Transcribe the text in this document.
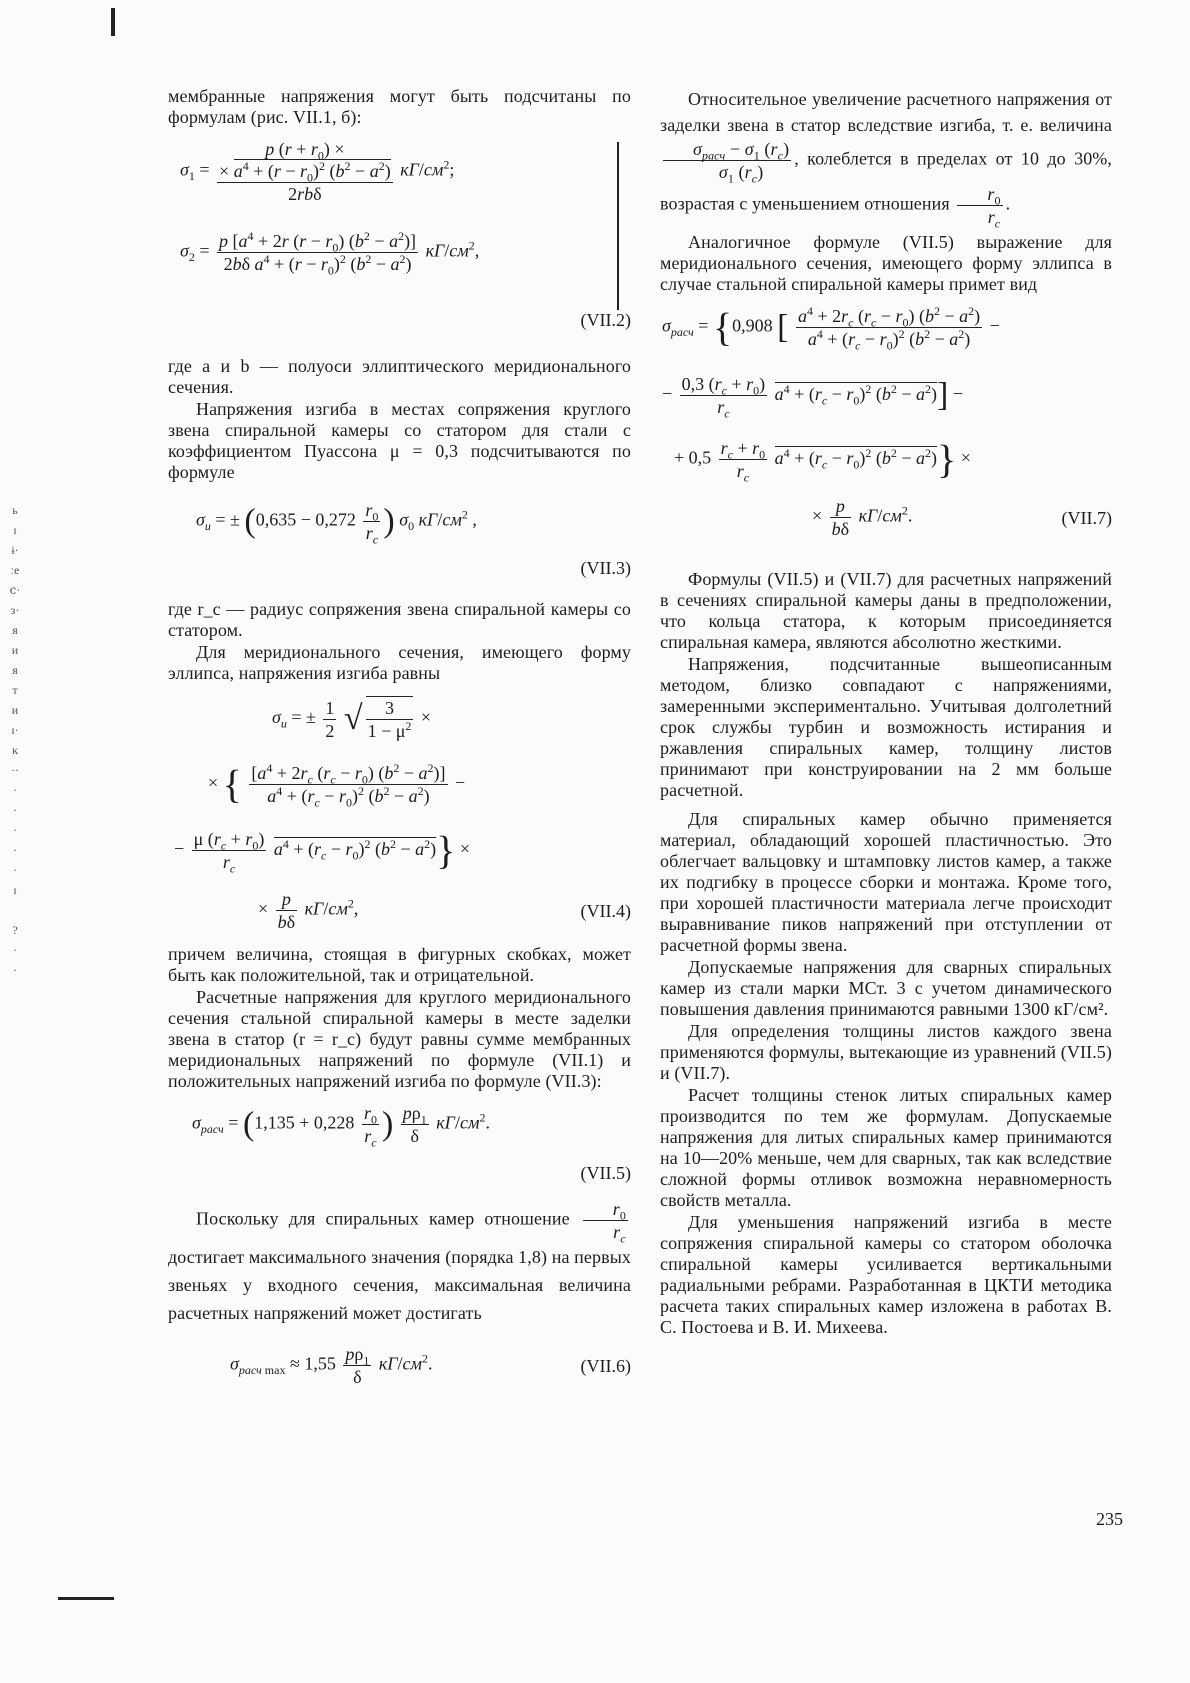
ь
ɪ
ɨ·
ːe
ⅽ·
з·
я
и
я
т
и
ɪ·
к
··
·
·
·
·
·
ɪ

?
·
·

мембранные напряжения могут быть подсчитаны по формулам (рис. VII.1, б):

$\sigma_1$ =
p $(r + r_0)$ ×
× $a^4 + (r - r_0)^2$ $(b^2 - a^2)$
2rbδ
$кГ/см^2$;
$\sigma_2 = \frac{p [a^4 + 2r (r - r_0) (b^2 - a^2)]}{2b\delta a^4 + (r - r_0)^2 (b^2 - a^2)} кГ/см^2$,
(VII.2)

где a и b — полуоси эллиптического меридионального сечения.

Напряжения изгиба в местах сопряжения круглого звена спиральной камеры со статором для стали с коэффициентом Пуассона μ = 0,3 подсчитываются по формуле

$\sigma_u$ = ± ($0,635 - 0,272 \frac{r_0}{r_c}$ ) $\sigma_0$ $кГ/см^2$ ,
(VII.3)

где r_c — радиус сопряжения звена спиральной камеры со статором.

Для меридионального сечения, имеющего форму эллипса, напряжения изгиба равны

$\sigma_u$ = ± $\frac{1}{2}$ √ $\frac{3}{1 - \mu^2}$ ×
× { $\frac{[a^4 + 2r_c (r_c - r_0) (b^2 - a^2)]}{a^4 + (r_c - r_0)^2 (b^2 - a^2)}$ −
− $\frac{\mu (r_c + r_0)}{r_c} a^4 + (r_c - r_0)^2$ $(b^2 - a^2)$} ×
× $\frac{p}{b\delta} кГ/см^2$,	(VII.4)

причем величина, стоящая в фигурных скобках, может быть как положительной, так и отрицательной.

Расчетные напряжения для круглого меридионального сечения стальной спиральной камеры в месте заделки звена в статор (r = r_c) будут равны сумме мембранных меридиональных напряжений по формуле (VII.1) и положительных напряжений изгиба по формуле (VII.3):

$\sigma_{расч} = (1,135 + 0,228 \frac{r_0}{r_c}$ ) $\frac{p\rho_1}{\delta} кГ/см^2$.
(VII.5)

Поскольку для спиральных камер отношение $\frac{r_0}{r_c}$
достигает максимального значения (порядка 1,8) на первых звеньях у входного сечения, максимальная величина расчетных напряжений может достигать

$\sigma_{расч max} \approx 1,55 \frac{p\rho_1}{\delta} кГ/см^2$.	(VII.6)

Относительное увеличение расчетного напряжения от заделки звена в статор вследствие изгиба, т. е. величина
$\frac{\sigma_{расч} - \sigma_1 (r_c)}{\sigma_1 (r_c)}$ , колеблется в пределах от 10 до 30%, возрастая с уменьшением отношения $\frac{r_0}{r_c}$ .

Аналогичное формуле (VII.5) выражение для меридионального сечения, имеющего форму эллипса в случае стальной спиральной камеры примет вид

$\sigma_{расч} = \{0,908$ [ $\frac{a^4 + 2r_c (r_c - r_0) (b^2 - a^2)}{a^4 + (r_c - r_0)^2 (b^2 - a^2)}$ −
− $\frac{0,3 (r_c + r_0)}{r_c} a^4 + (r_c - r_0)^2$ $(b^2 - a^2)$] −
+ $0,5 \frac{r_c + r_0}{r_c} a^4 + (r_c - r_0)^2$ $(b^2 - a^2)$} ×
× $\frac{p}{b\delta} кГ/см^2$.	(VII.7)

Формулы (VII.5) и (VII.7) для расчетных напряжений в сечениях спиральной камеры даны в предположении, что кольца статора, к которым присоединяется спиральная камера, являются абсолютно жесткими.

Напряжения, подсчитанные вышеописанным методом, близко совпадают с напряжениями, замеренными экспериментально. Учитывая долголетний срок службы турбин и возможность истирания и ржавления спиральных камер, толщину листов принимают при конструировании на 2 мм больше расчетной.

Для спиральных камер обычно применяется материал, обладающий хорошей пластичностью. Это облегчает вальцовку и штамповку листов камер, а также их подгибку в процессе сборки и монтажа. Кроме того, при хорошей пластичности материала легче происходит выравнивание пиков напряжений при отступлении от расчетной формы звена.

Допускаемые напряжения для сварных спиральных камер из стали марки МСт. 3 с учетом динамического повышения давления принимаются равными 1300 кГ/см².

Для определения толщины листов каждого звена применяются формулы, вытекающие из уравнений (VII.5) и (VII.7).

Расчет толщины стенок литых спиральных камер производится по тем же формулам. Допускаемые напряжения для литых спиральных камер принимаются на 10—20% меньше, чем для сварных, так как вследствие сложной формы отливок возможна неравномерность свойств металла.

Для уменьшения напряжений изгиба в месте сопряжения спиральной камеры со статором оболочка спиральной камеры усиливается вертикальными радиальными ребрами. Разработанная в ЦКТИ методика расчета таких спиральных камер изложена в работах В. С. Постоева и В. И. Михеева.

235
